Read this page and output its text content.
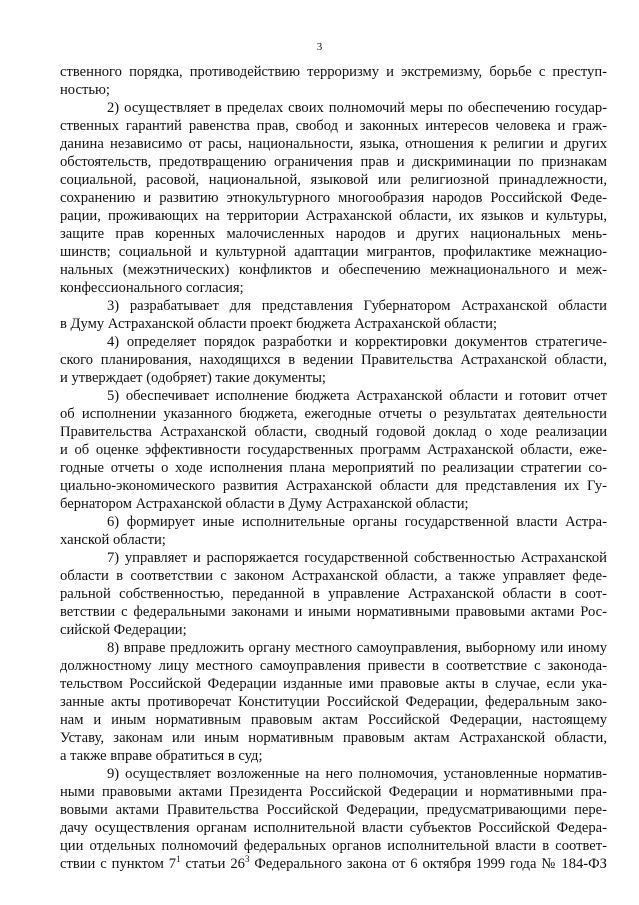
3
ственного порядка, противодействию терроризму и экстремизму, борьбе с преступ-
ностью;
2) осуществляет в пределах своих полномочий меры по обеспечению государ-
ственных гарантий равенства прав, свобод и законных интересов человека и граж-
данина независимо от расы, национальности, языка, отношения к религии и других
обстоятельств, предотвращению ограничения прав и дискриминации по признакам
социальной, расовой, национальной, языковой или религиозной принадлежности,
сохранению и развитию этнокультурного многообразия народов Российской Феде-
рации, проживающих на территории Астраханской области, их языков и культуры,
защите прав коренных малочисленных народов и других национальных мень-
шинств; социальной и культурной адаптации мигрантов, профилактике межнацио-
нальных (межэтнических) конфликтов и обеспечению межнационального и меж-
конфессионального согласия;
3) разрабатывает для представления Губернатором Астраханской области
в Думу Астраханской области проект бюджета Астраханской области;
4) определяет порядок разработки и корректировки документов стратегиче-
ского планирования, находящихся в ведении Правительства Астраханской области,
и утверждает (одобряет) такие документы;
5) обеспечивает исполнение бюджета Астраханской области и готовит отчет
об исполнении указанного бюджета, ежегодные отчеты о результатах деятельности
Правительства Астраханской области, сводный годовой доклад о ходе реализации
и об оценке эффективности государственных программ Астраханской области, еже-
годные отчеты о ходе исполнения плана мероприятий по реализации стратегии со-
циально-экономического развития Астраханской области для представления их Гу-
бернатором Астраханской области в Думу Астраханской области;
6) формирует иные исполнительные органы государственной власти Астра-
ханской области;
7) управляет и распоряжается государственной собственностью Астраханской
области в соответствии с законом Астраханской области, а также управляет феде-
ральной собственностью, переданной в управление Астраханской области в соот-
ветствии с федеральными законами и иными нормативными правовыми актами Рос-
сийской Федерации;
8) вправе предложить органу местного самоуправления, выборному или иному
должностному лицу местного самоуправления привести в соответствие с законода-
тельством Российской Федерации изданные ими правовые акты в случае, если ука-
занные акты противоречат Конституции Российской Федерации, федеральным зако-
нам и иным нормативным правовым актам Российской Федерации, настоящему
Уставу, законам или иным нормативным правовым актам Астраханской области,
а также вправе обратиться в суд;
9) осуществляет возложенные на него полномочия, установленные норматив-
ными правовыми актами Президента Российской Федерации и нормативными пра-
вовыми актами Правительства Российской Федерации, предусматривающими пере-
дачу осуществления органам исполнительной власти субъектов Российской Федера-
ции отдельных полномочий федеральных органов исполнительной власти в соответ-
ствии с пунктом $7^1$ статьи $26^3$ Федерального закона от 6 октября 1999 года № 184-ФЗ
